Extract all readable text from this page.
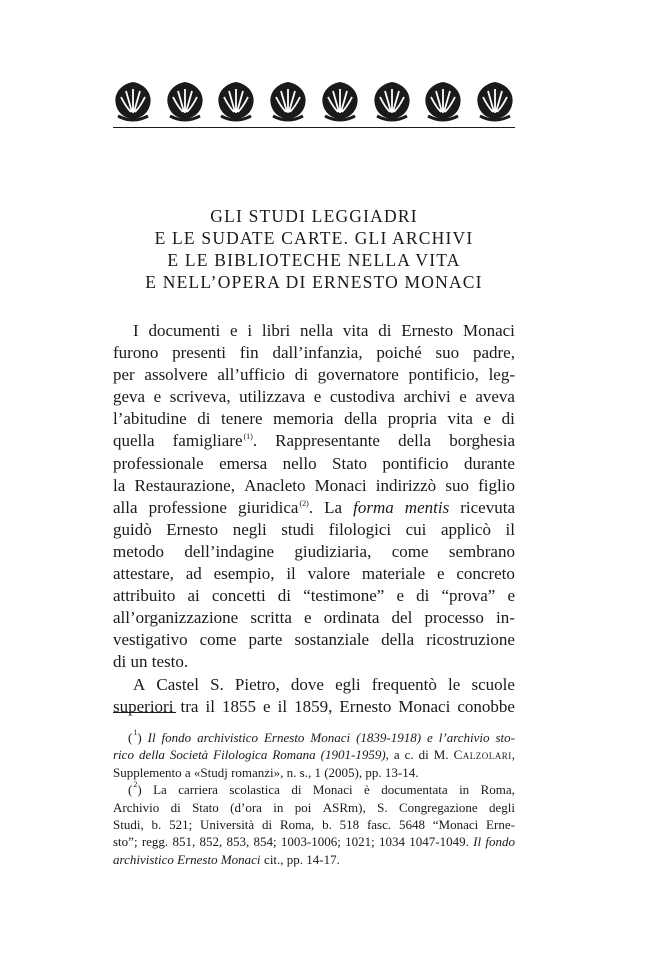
GLI STUDI LEGGIADRI
E LE SUDATE CARTE. GLI ARCHIVI
E LE BIBLIOTECHE NELLA VITA
E NELL’OPERA DI ERNESTO MONACI
I documenti e i libri nella vita di Ernesto Monaci
furono presenti fin dall’infanzia, poiché suo padre,
per assolvere all’ufficio di governatore pontificio, leg-
geva e scriveva, utilizzava e custodiva archivi e aveva
l’abitudine di tenere memoria della propria vita e di
quella famigliare$^{(1)}$. Rappresentante della borghesia
professionale emersa nello Stato pontificio durante
la Restaurazione, Anacleto Monaci indirizzò suo figlio
alla professione giuridica$^{(2)}$. La forma mentis ricevuta
guidò Ernesto negli studi filologici cui applicò il
metodo dell’indagine giudiziaria, come sembrano
attestare, ad esempio, il valore materiale e concreto
attribuito ai concetti di “testimone” e di “prova” e
all’organizzazione scritta e ordinata del processo in-
vestigativo come parte sostanziale della ricostruzione
di un testo.
A Castel S. Pietro, dove egli frequentò le scuole
superiori tra il 1855 e il 1859, Ernesto Monaci conobbe
($^1$) Il fondo archivistico Ernesto Monaci (1839-1918) e l’archivio sto-
rico della Società Filologica Romana (1901-1959), a c. di M. Calzolari,
Supplemento a «Studj romanzi», n. s., 1 (2005), pp. 13-14.
($^2$) La carriera scolastica di Monaci è documentata in Roma,
Archivio di Stato (d’ora in poi ASRm), S. Congregazione degli
Studi, b. 521; Università di Roma, b. 518 fasc. 5648 “Monaci Erne-
sto”; regg. 851, 852, 853, 854; 1003-1006; 1021; 1034 1047-1049. Il fondo
archivistico Ernesto Monaci cit., pp. 14-17.
